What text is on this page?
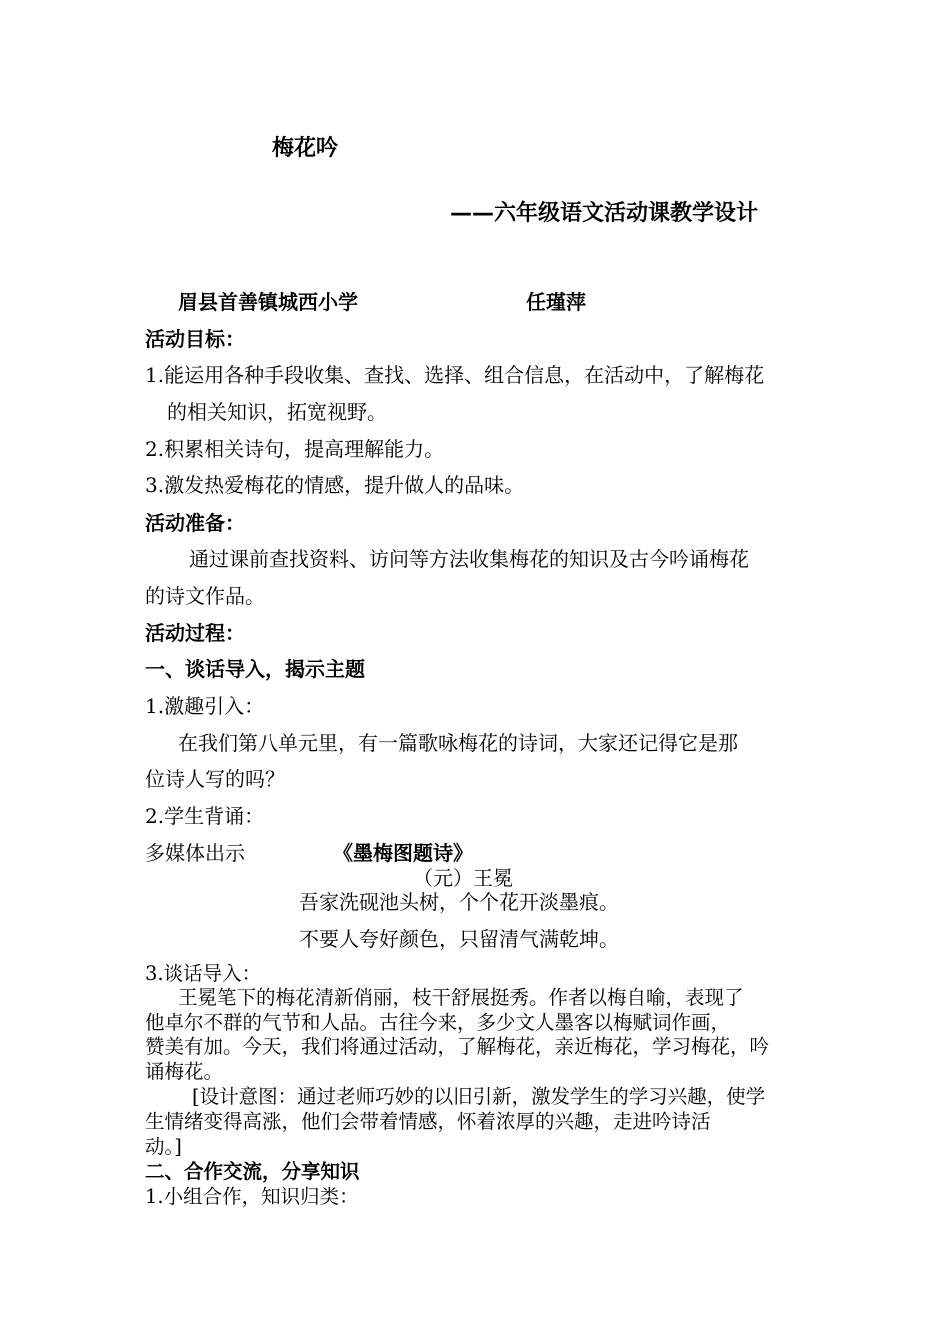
梅花吟
——六年级语文活动课教学设计
眉县首善镇城西小学	任瑾萍
活动目标：
1.能运用各种手段收集、查找、选择、组合信息，在活动中，了解梅花
的相关知识，拓宽视野。
2.积累相关诗句，提高理解能力。
3.激发热爱梅花的情感，提升做人的品味。
活动准备：
通过课前查找资料、访问等方法收集梅花的知识及古今吟诵梅花
的诗文作品。
活动过程：
一、谈话导入，揭示主题
1.激趣引入：
在我们第八单元里，有一篇歌咏梅花的诗词，大家还记得它是那
位诗人写的吗？
2.学生背诵：
多媒体出示	《墨梅图题诗》
（元）王冕
吾家洗砚池头树，个个花开淡墨痕。
不要人夸好颜色，只留清气满乾坤。
3.谈话导入：
王冕笔下的梅花清新俏丽，枝干舒展挺秀。作者以梅自喻，表现了
他卓尔不群的气节和人品。古往今来，多少文人墨客以梅赋词作画，
赞美有加。今天，我们将通过活动，了解梅花，亲近梅花，学习梅花，吟
诵梅花。
[设计意图：通过老师巧妙的以旧引新，激发学生的学习兴趣，使学
生情绪变得高涨，他们会带着情感，怀着浓厚的兴趣，走进吟诗活
动。]
二、合作交流，分享知识
1.小组合作，知识归类：
